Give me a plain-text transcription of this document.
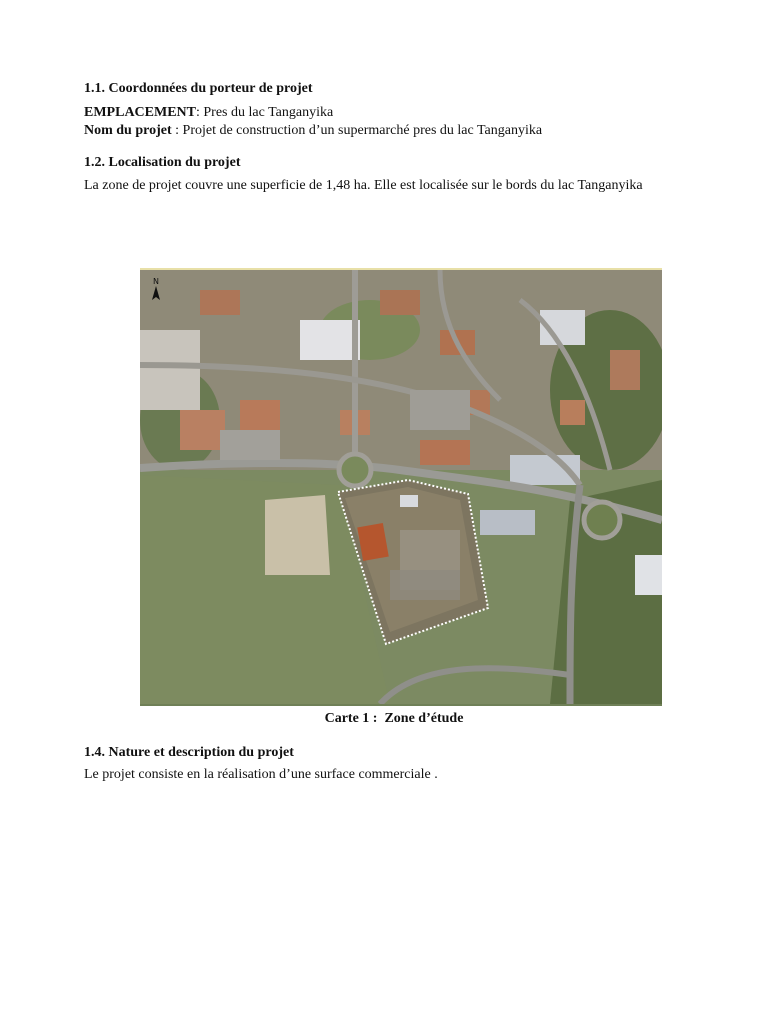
1.1. Coordonnées du porteur de projet

EMPLACEMENT: Pres du lac Tanganyika

Nom du projet : Projet de construction d’un supermarché pres du lac Tanganyika

1.2. Localisation du projet

La zone de projet couvre une superficie de 1,48 ha. Elle est localisée sur le bords du lac Tanganyika

N
Carte 1 : Zone d’étude
1.4. Nature et description du projet

Le projet consiste en la réalisation d’une surface commerciale .
